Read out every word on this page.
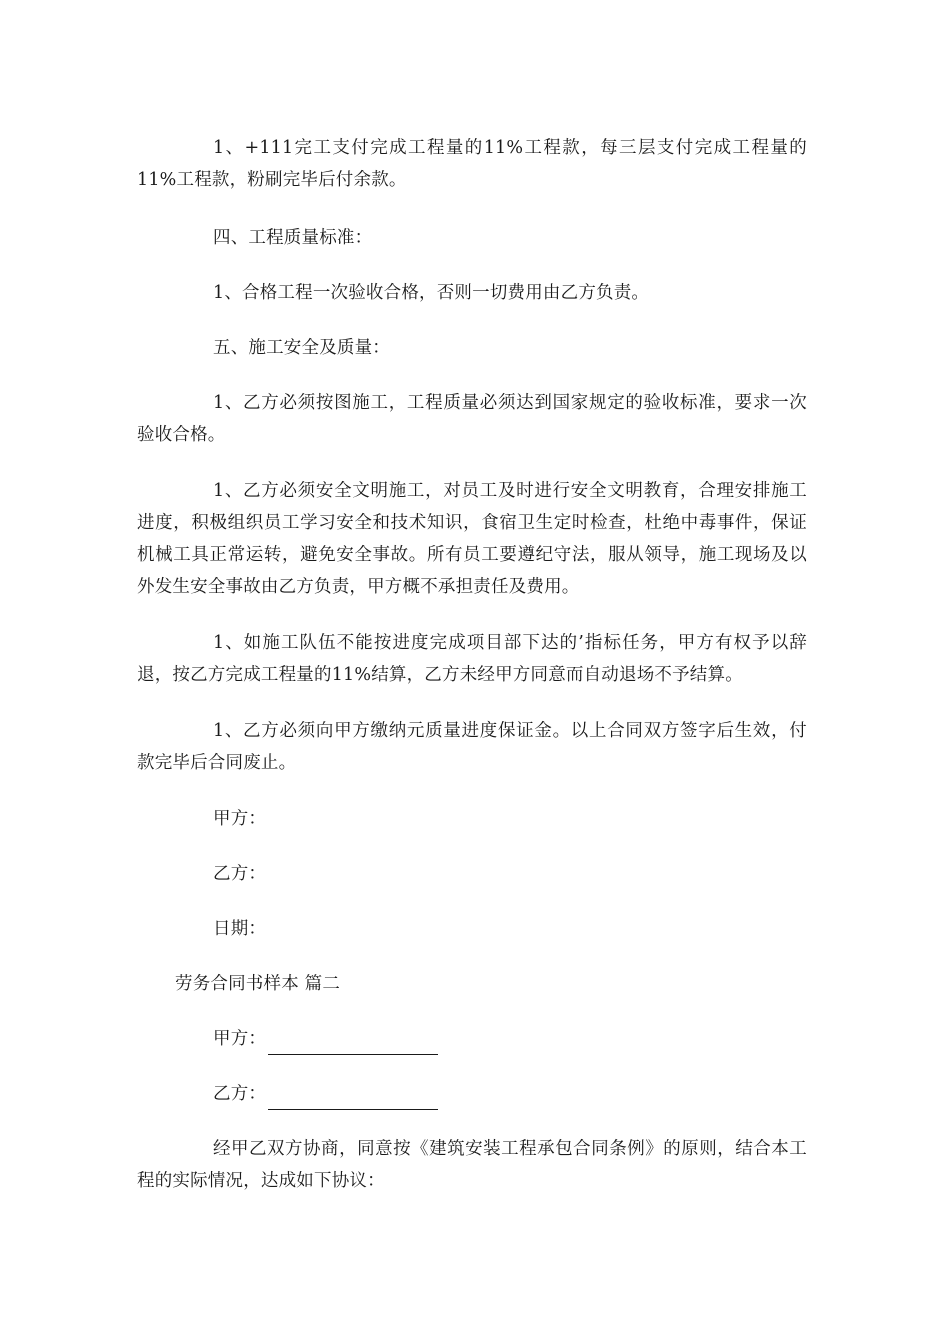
1、+111完工支付完成工程量的11%工程款，每三层支付完成工程量的11%工程款，粉刷完毕后付余款。

四、工程质量标准：

1、合格工程一次验收合格，否则一切费用由乙方负责。

五、施工安全及质量：

1、乙方必须按图施工，工程质量必须达到国家规定的验收标准，要求一次验收合格。

1、乙方必须安全文明施工，对员工及时进行安全文明教育，合理安排施工进度，积极组织员工学习安全和技术知识，食宿卫生定时检查，杜绝中毒事件，保证机械工具正常运转，避免安全事故。所有员工要遵纪守法，服从领导，施工现场及以外发生安全事故由乙方负责，甲方概不承担责任及费用。

1、如施工队伍不能按进度完成项目部下达的’指标任务，甲方有权予以辞退，按乙方完成工程量的11%结算，乙方未经甲方同意而自动退场不予结算。

1、乙方必须向甲方缴纳元质量进度保证金。以上合同双方签字后生效，付款完毕后合同废止。

甲方：

乙方：

日期：

劳务合同书样本 篇二

甲方：

乙方：

经甲乙双方协商，同意按《建筑安装工程承包合同条例》的原则，结合本工程的实际情况，达成如下协议：
